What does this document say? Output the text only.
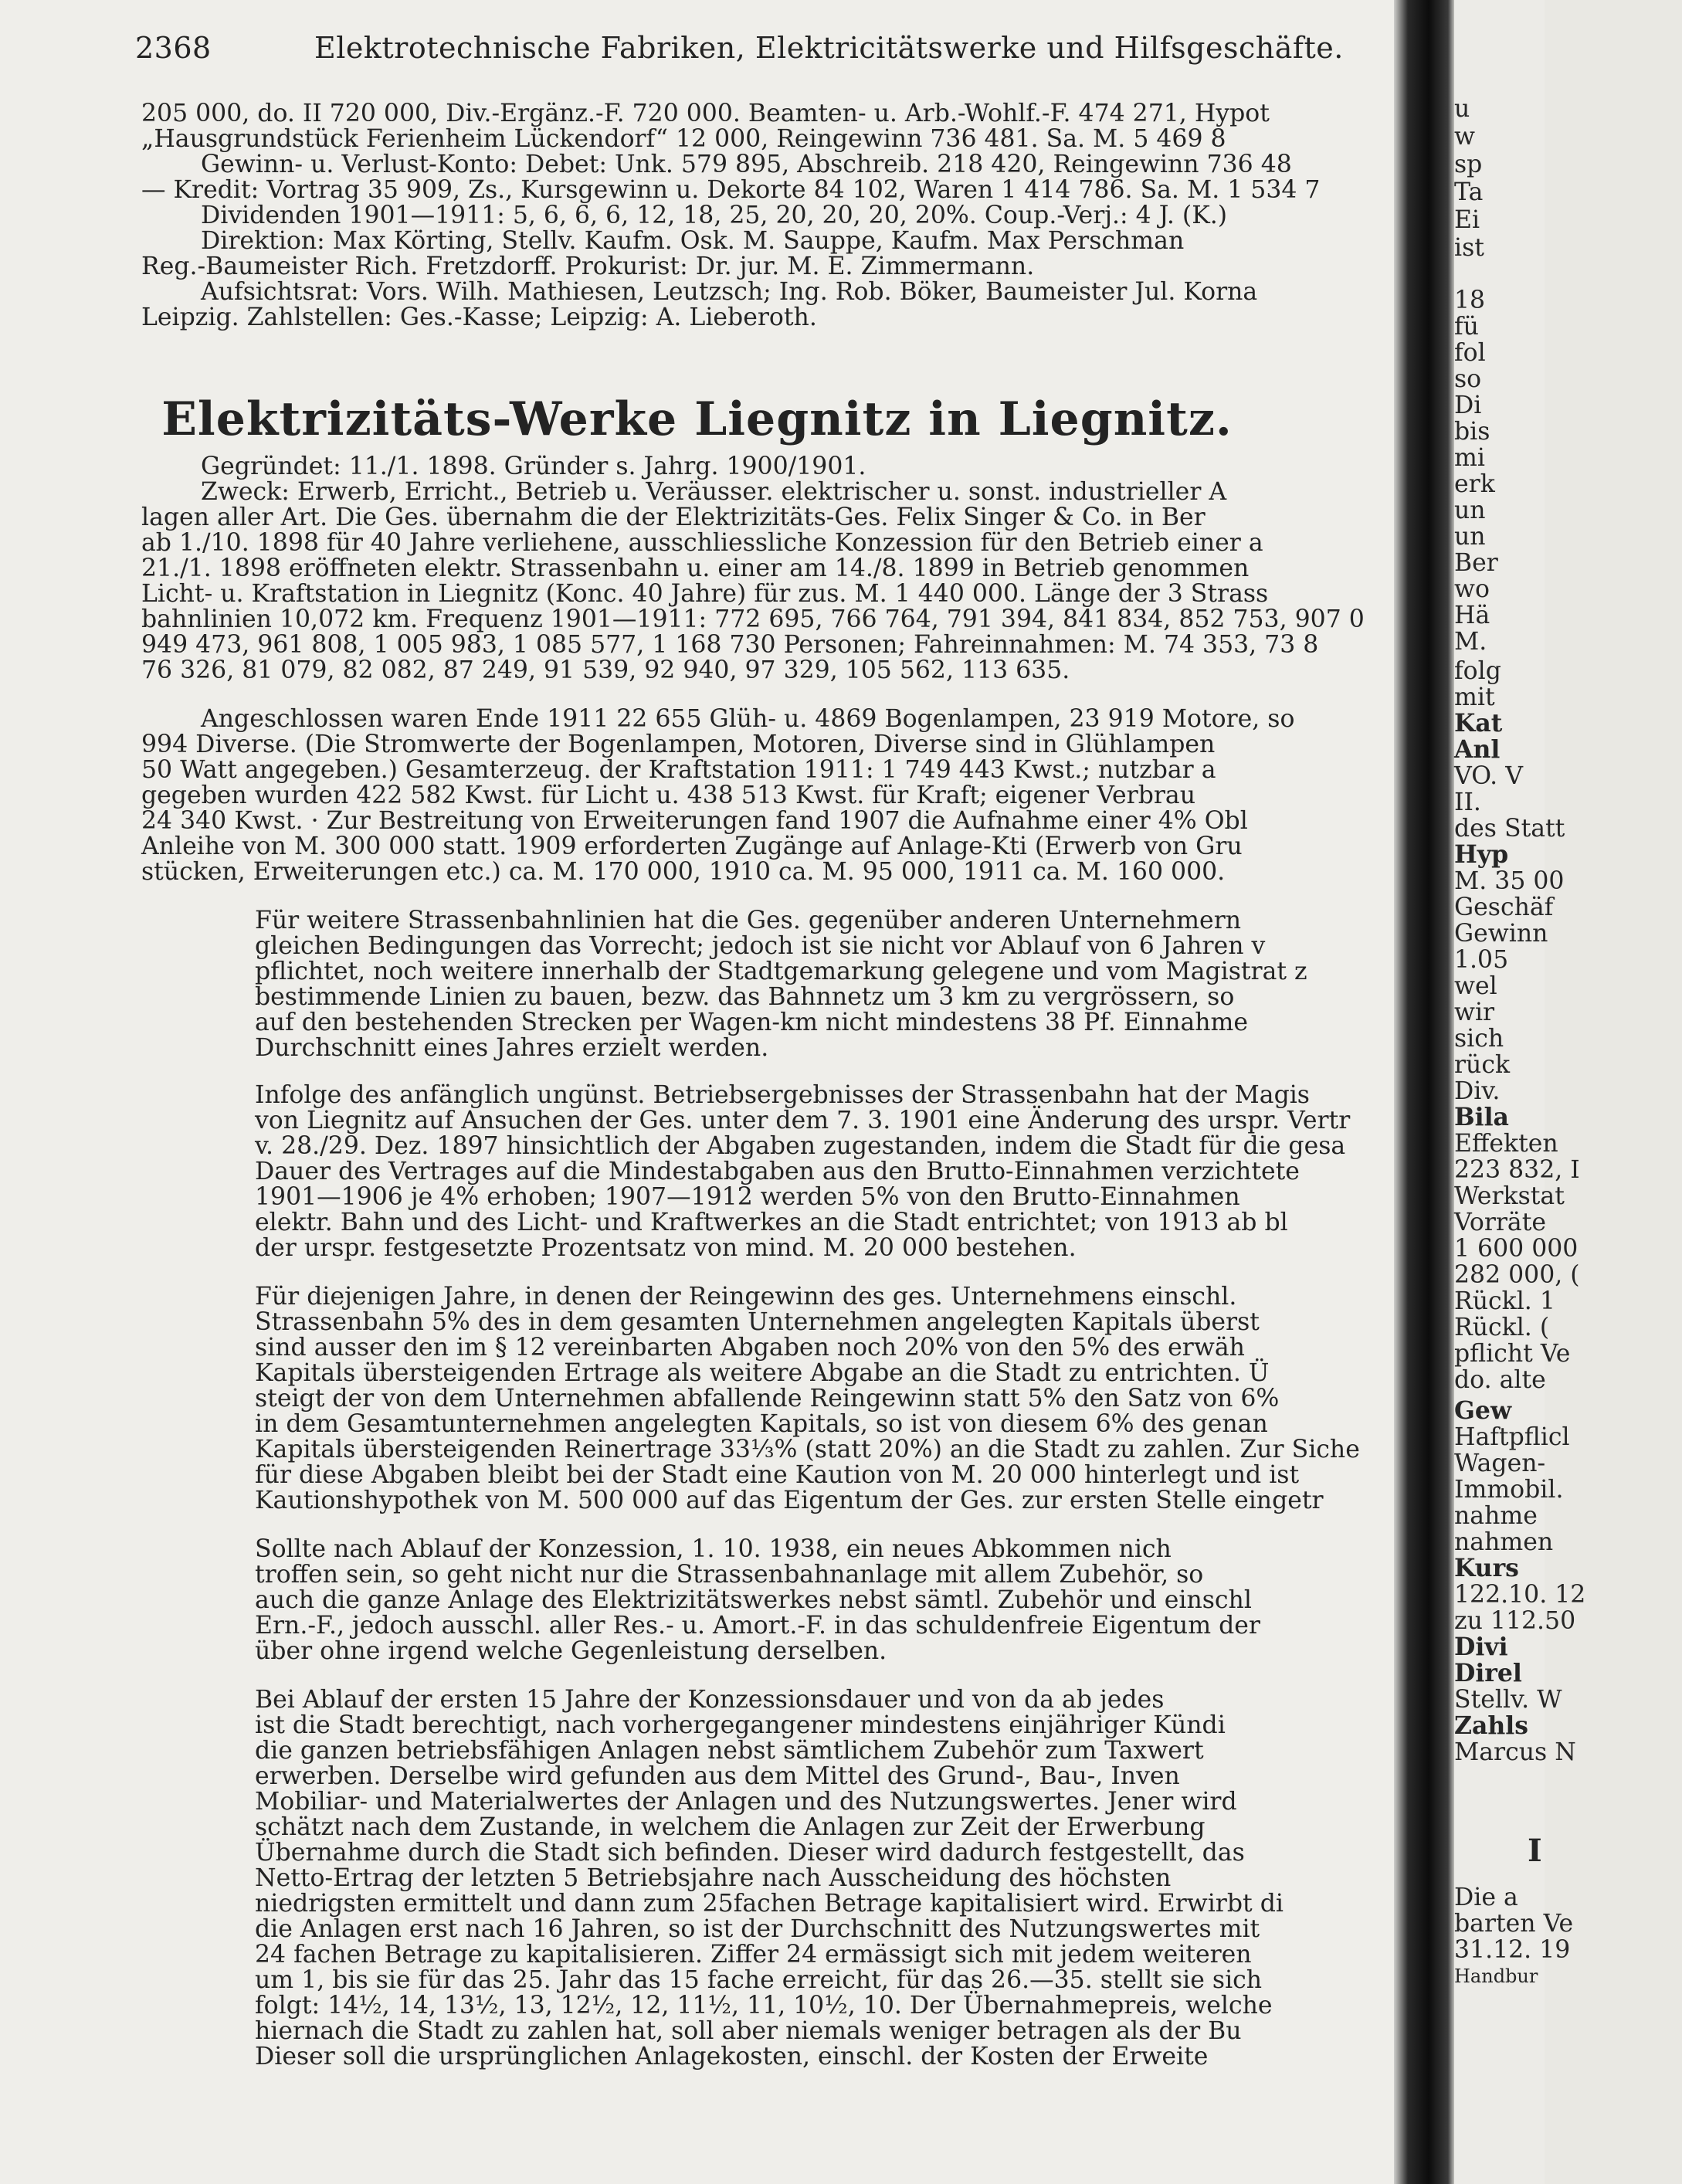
2368	Elektrotechnische Fabriken, Elektricitätswerke und Hilfsgeschäfte.
205 000, do. II 720 000, Div.-Ergänz.-F. 720 000. Beamten- u. Arb.-Wohlf.-F. 474 271, Hypot
„Hausgrundstück Ferienheim Lückendorf“ 12 000, Reingewinn 736 481. Sa. M. 5 469 8
Gewinn- u. Verlust-Konto: Debet: Unk. 579 895, Abschreib. 218 420, Reingewinn 736 48
— Kredit: Vortrag 35 909, Zs., Kursgewinn u. Dekorte 84 102, Waren 1 414 786. Sa. M. 1 534 7
Dividenden 1901—1911: 5, 6, 6, 6, 12, 18, 25, 20, 20, 20, 20%. Coup.-Verj.: 4 J. (K.)
Direktion: Max Körting, Stellv. Kaufm. Osk. M. Sauppe, Kaufm. Max Perschman
Reg.-Baumeister Rich. Fretzdorff. Prokurist: Dr. jur. M. E. Zimmermann.
Aufsichtsrat: Vors. Wilh. Mathiesen, Leutzsch; Ing. Rob. Böker, Baumeister Jul. Korna
Leipzig. Zahlstellen: Ges.-Kasse; Leipzig: A. Lieberoth.
Elektrizitäts-Werke Liegnitz in Liegnitz.
Gegründet: 11./1. 1898. Gründer s. Jahrg. 1900/1901.
Zweck: Erwerb, Erricht., Betrieb u. Veräusser. elektrischer u. sonst. industrieller A
lagen aller Art. Die Ges. übernahm die der Elektrizitäts-Ges. Felix Singer & Co. in Ber
ab 1./10. 1898 für 40 Jahre verliehene, ausschliessliche Konzession für den Betrieb einer a
21./1. 1898 eröffneten elektr. Strassenbahn u. einer am 14./8. 1899 in Betrieb genommen
Licht- u. Kraftstation in Liegnitz (Konc. 40 Jahre) für zus. M. 1 440 000. Länge der 3 Strass
bahnlinien 10,072 km. Frequenz 1901—1911: 772 695, 766 764, 791 394, 841 834, 852 753, 907 0
949 473, 961 808, 1 005 983, 1 085 577, 1 168 730 Personen; Fahreinnahmen: M. 74 353, 73 8
76 326, 81 079, 82 082, 87 249, 91 539, 92 940, 97 329, 105 562, 113 635.
Angeschlossen waren Ende 1911 22 655 Glüh- u. 4869 Bogenlampen, 23 919 Motore, so
994 Diverse. (Die Stromwerte der Bogenlampen, Motoren, Diverse sind in Glühlampen
50 Watt angegeben.) Gesamterzeug. der Kraftstation 1911: 1 749 443 Kwst.; nutzbar a
gegeben wurden 422 582 Kwst. für Licht u. 438 513 Kwst. für Kraft; eigener Verbrau
24 340 Kwst. · Zur Bestreitung von Erweiterungen fand 1907 die Aufnahme einer 4% Obl
Anleihe von M. 300 000 statt. 1909 erforderten Zugänge auf Anlage-Kti (Erwerb von Gru
stücken, Erweiterungen etc.) ca. M. 170 000, 1910 ca. M. 95 000, 1911 ca. M. 160 000.
Für weitere Strassenbahnlinien hat die Ges. gegenüber anderen Unternehmern
gleichen Bedingungen das Vorrecht; jedoch ist sie nicht vor Ablauf von 6 Jahren v
pflichtet, noch weitere innerhalb der Stadtgemarkung gelegene und vom Magistrat z
bestimmende Linien zu bauen, bezw. das Bahnnetz um 3 km zu vergrössern, so
auf den bestehenden Strecken per Wagen-km nicht mindestens 38 Pf. Einnahme
Durchschnitt eines Jahres erzielt werden.
Infolge des anfänglich ungünst. Betriebsergebnisses der Strassenbahn hat der Magis
von Liegnitz auf Ansuchen der Ges. unter dem 7. 3. 1901 eine Änderung des urspr. Vertr
v. 28./29. Dez. 1897 hinsichtlich der Abgaben zugestanden, indem die Stadt für die gesa
Dauer des Vertrages auf die Mindestabgaben aus den Brutto-Einnahmen verzichtete
1901—1906 je 4% erhoben; 1907—1912 werden 5% von den Brutto-Einnahmen
elektr. Bahn und des Licht- und Kraftwerkes an die Stadt entrichtet; von 1913 ab bl
der urspr. festgesetzte Prozentsatz von mind. M. 20 000 bestehen.
Für diejenigen Jahre, in denen der Reingewinn des ges. Unternehmens einschl.
Strassenbahn 5% des in dem gesamten Unternehmen angelegten Kapitals überst
sind ausser den im § 12 vereinbarten Abgaben noch 20% von den 5% des erwäh
Kapitals übersteigenden Ertrage als weitere Abgabe an die Stadt zu entrichten. Ü
steigt der von dem Unternehmen abfallende Reingewinn statt 5% den Satz von 6%
in dem Gesamtunternehmen angelegten Kapitals, so ist von diesem 6% des genan
Kapitals übersteigenden Reinertrage 33⅓% (statt 20%) an die Stadt zu zahlen. Zur Siche
für diese Abgaben bleibt bei der Stadt eine Kaution von M. 20 000 hinterlegt und ist
Kautionshypothek von M. 500 000 auf das Eigentum der Ges. zur ersten Stelle eingetr
Sollte nach Ablauf der Konzession, 1. 10. 1938, ein neues Abkommen nich
troffen sein, so geht nicht nur die Strassenbahnanlage mit allem Zubehör, so
auch die ganze Anlage des Elektrizitätswerkes nebst sämtl. Zubehör und einschl
Ern.-F., jedoch ausschl. aller Res.- u. Amort.-F. in das schuldenfreie Eigentum der
über ohne irgend welche Gegenleistung derselben.
Bei Ablauf der ersten 15 Jahre der Konzessionsdauer und von da ab jedes
ist die Stadt berechtigt, nach vorhergegangener mindestens einjähriger Kündi
die ganzen betriebsfähigen Anlagen nebst sämtlichem Zubehör zum Taxwert
erwerben. Derselbe wird gefunden aus dem Mittel des Grund-, Bau-, Inven
Mobiliar- und Materialwertes der Anlagen und des Nutzungswertes. Jener wird
schätzt nach dem Zustande, in welchem die Anlagen zur Zeit der Erwerbung
Übernahme durch die Stadt sich befinden. Dieser wird dadurch festgestellt, das
Netto-Ertrag der letzten 5 Betriebsjahre nach Ausscheidung des höchsten
niedrigsten ermittelt und dann zum 25fachen Betrage kapitalisiert wird. Erwirbt di
die Anlagen erst nach 16 Jahren, so ist der Durchschnitt des Nutzungswertes mit
24 fachen Betrage zu kapitalisieren. Ziffer 24 ermässigt sich mit jedem weiteren
um 1, bis sie für das 25. Jahr das 15 fache erreicht, für das 26.—35. stellt sie sich
folgt: 14½, 14, 13½, 13, 12½, 12, 11½, 11, 10½, 10. Der Übernahmepreis, welche
hiernach die Stadt zu zahlen hat, soll aber niemals weniger betragen als der Bu
Dieser soll die ursprünglichen Anlagekosten, einschl. der Kosten der Erweite
u
w
sp
Ta
Ei
ist
18
fü
fol
so
Di
bis
mi
erk
un
un
Ber
wo
Hä
M.
folg
mit
Kat
Anl
VO. V
II.
des Statt
Hyp
M. 35 00
Geschäf
Gewinn
1.05
wel
wir
sich
rück
Div.
Bila
Effekten
223 832, I
Werkstat
Vorräte
1 600 000
282 000, (
Rückl. 1
Rückl. (
pflicht Ve
do. alte
Gew
Haftpflicl
Wagen-
Immobil.
nahme
nahmen
Kurs
122.10. 12
zu 112.50
Divi
Direl
Stellv. W
Zahls
Marcus N
I
Die a
barten Ve
31.12. 19
Handbur
